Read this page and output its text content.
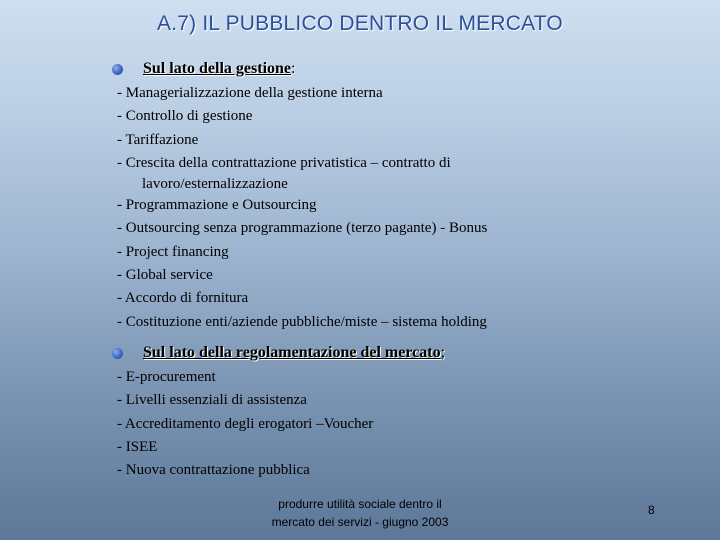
A.7) IL PUBBLICO DENTRO IL MERCATO
Sul lato della gestione :
- Managerializzazione della gestione interna
- Controllo di gestione
- Tariffazione
- Crescita della contrattazione privatistica – contratto di
lavoro/esternalizzazione
- Programmazione e Outsourcing
- Outsourcing senza programmazione (terzo pagante) - Bonus
- Project financing
- Global service
- Accordo di fornitura
- Costituzione enti/aziende pubbliche/miste – sistema holding
Sul lato della regolamentazione del mercato ;
- E-procurement
- Livelli essenziali di assistenza
- Accreditamento degli erogatori –Voucher
- ISEE
- Nuova contrattazione pubblica
produrre utilità sociale dentro il
mercato dei servizi - giugno 2003
8
